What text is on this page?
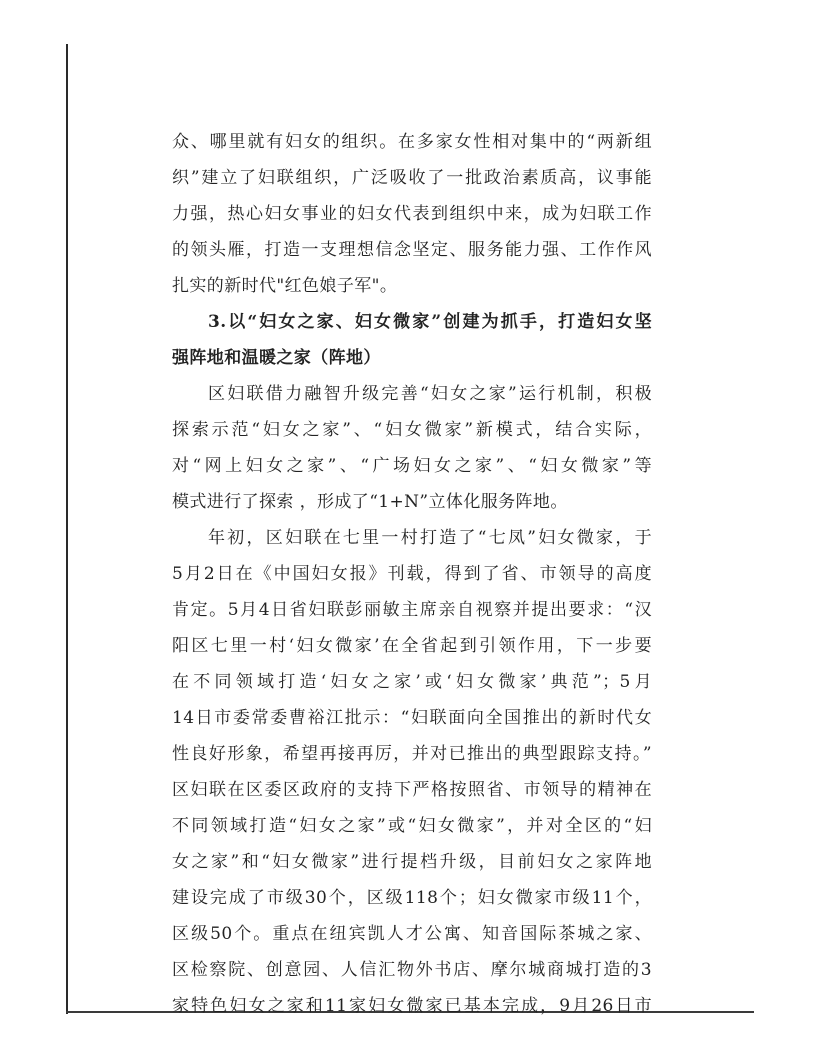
众、哪里就有妇女的组织。在多家女性相对集中的“两新组
织”建立了妇联组织，广泛吸收了一批政治素质高，议事能
力强，热心妇女事业的妇女代表到组织中来，成为妇联工作
的领头雁，打造一支理想信念坚定、服务能力强、工作作风
扎实的新时代"红色娘子军"。
3.以“妇女之家、妇女微家”创建为抓手，打造妇女坚
强阵地和温暖之家（阵地）
区妇联借力融智升级完善“妇女之家”运行机制，积极
探索示范“妇女之家”、“妇女微家”新模式，结合实际，
对“网上妇女之家”、“广场妇女之家”、“妇女微家”等
模式进行了探索 ，形成了“1+N”立体化服务阵地。
年初，区妇联在七里一村打造了“七凤”妇女微家，于
5月2日在《中国妇女报》刊载，得到了省、市领导的高度
肯定。5月4日省妇联彭丽敏主席亲自视察并提出要求：“汉
阳区七里一村‘妇女微家’在全省起到引领作用，下一步要
在不同领域打造‘妇女之家’或‘妇女微家’典范”；5月
14日市委常委曹裕江批示：“妇联面向全国推出的新时代女
性良好形象，希望再接再厉，并对已推出的典型跟踪支持。”
区妇联在区委区政府的支持下严格按照省、市领导的精神在
不同领域打造“妇女之家”或“妇女微家”，并对全区的“妇
女之家”和“妇女微家”进行提档升级，目前妇女之家阵地
建设完成了市级30个，区级118个；妇女微家市级11个，
区级50个。重点在纽宾凯人才公寓、知音国际茶城之家、
区检察院、创意园、人信汇物外书店、摩尔城商城打造的3
家特色妇女之家和11家妇女微家已基本完成，9月26日市
